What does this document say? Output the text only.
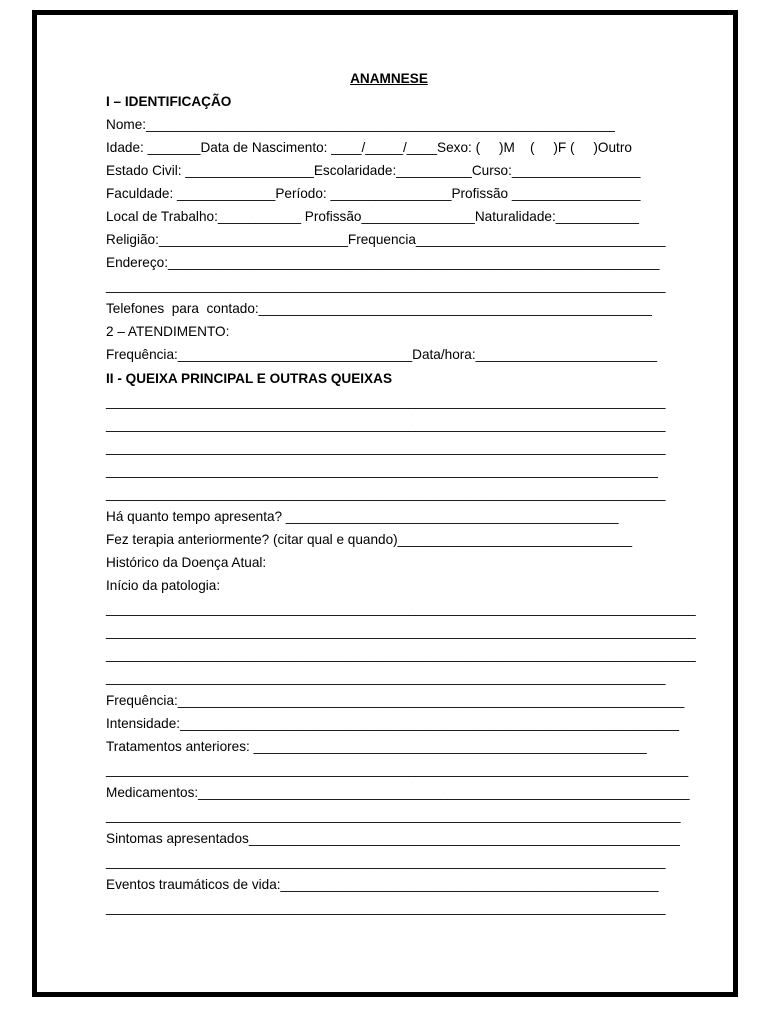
ANAMNESE

I – IDENTIFICAÇÃO

Nome:______________________________________________________________

Idade: _______Data de Nascimento: ____/_____/____Sexo: (     )M    (     )F (     )Outro

Estado Civil: _________________Escolaridade:__________Curso:_________________

Faculdade: _____________Período: ________________Profissão _________________

Local de Trabalho:___________ Profissão_______________Naturalidade:___________

Religião:_________________________Frequencia_________________________________

Endereço:_________________________________________________________________

__________________________________________________________________________

Telefones  para  contado:____________________________________________________

2 – ATENDIMENTO:

Frequência:_______________________________Data/hora:________________________

II - QUEIXA PRINCIPAL E OUTRAS QUEIXAS

__________________________________________________________________________

__________________________________________________________________________

__________________________________________________________________________

_________________________________________________________________________

__________________________________________________________________________

Há quanto tempo apresenta? ____________________________________________

Fez terapia anteriormente? (citar qual e quando)_______________________________

Histórico da Doença Atual:

Início da patologia:

______________________________________________________________________________

______________________________________________________________________________

______________________________________________________________________________

__________________________________________________________________________

Frequência:___________________________________________________________________

Intensidade:__________________________________________________________________

Tratamentos anteriores: ____________________________________________________

_____________________________________________________________________________

Medicamentos:_________________________________________________________________

____________________________________________________________________________

Sintomas apresentados_________________________________________________________

__________________________________________________________________________

Eventos traumáticos de vida:__________________________________________________

__________________________________________________________________________
